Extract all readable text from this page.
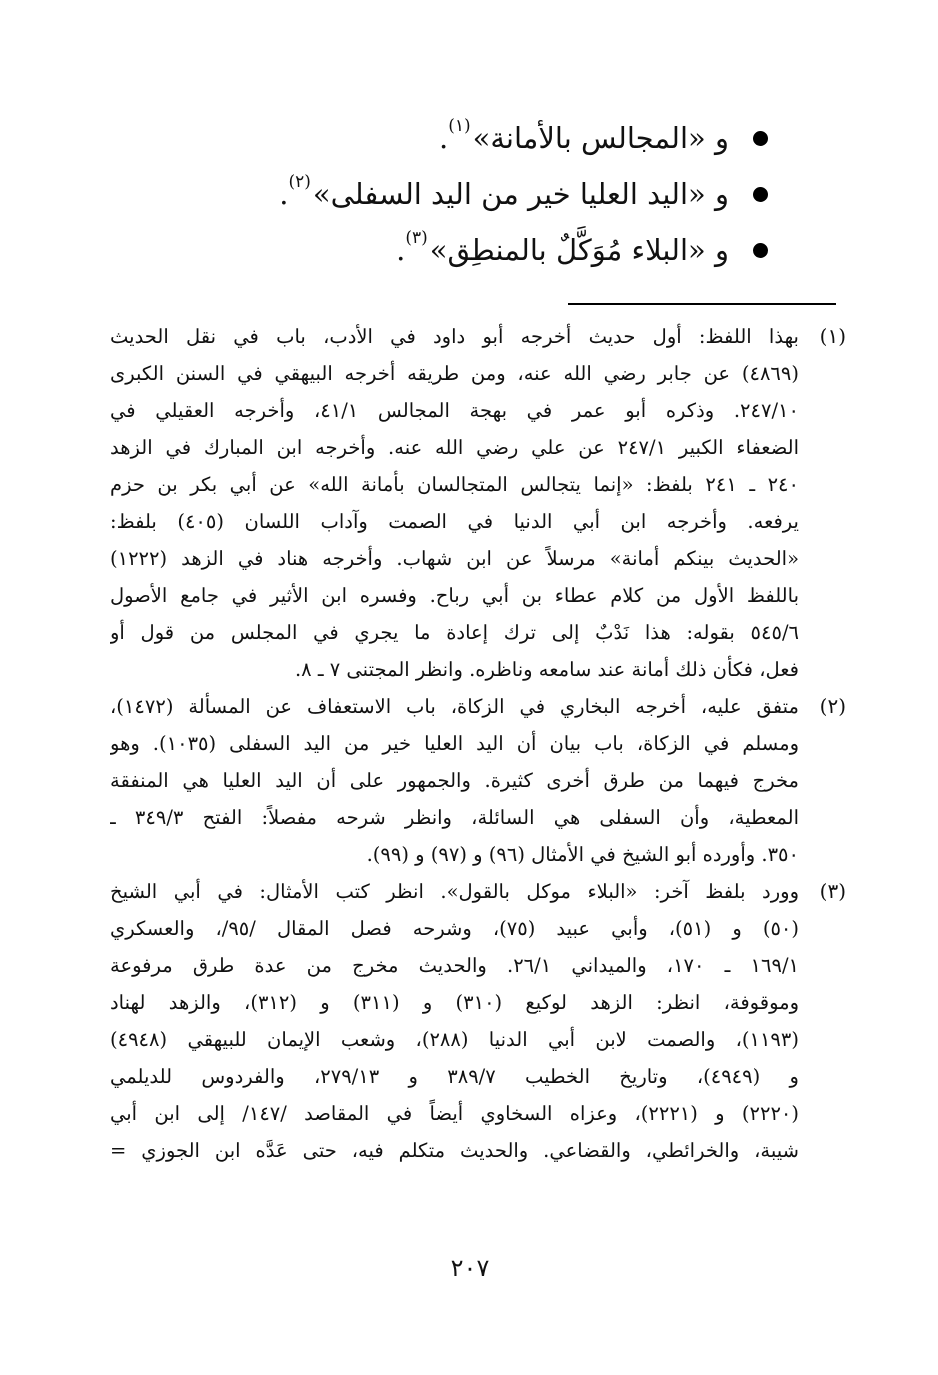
و «المجالس بالأمانة»
(١)
.
و «اليد العليا خير من اليد السفلى»
(٢)
.
و «البلاء مُوَكَّلٌ بالمنطِق»
(٣)
.
(١)
بهذا اللفظ: أول حديث أخرجه أبو داود في الأدب، باب في نقل الحديث
(٤٨٦٩) عن جابر رضي الله عنه، ومن طريقه أخرجه البيهقي في السنن الكبرى
٢٤٧/١٠. وذكره أبو عمر في بهجة المجالس ٤١/١، وأخرجه العقيلي في
الضعفاء الكبير ٢٤٧/١ عن علي رضي الله عنه. وأخرجه ابن المبارك في الزهد
٢٤٠ ـ ٢٤١ بلفظ: «إنما يتجالس المتجالسان بأمانة الله» عن أبي بكر بن حزم
يرفعه. وأخرجه ابن أبي الدنيا في الصمت وآداب اللسان (٤٠٥) بلفظ:
«الحديث بينكم أمانة» مرسلاً عن ابن شهاب. وأخرجه هناد في الزهد (١٢٢٢)
باللفظ الأول من كلام عطاء بن أبي رباح. وفسره ابن الأثير في جامع الأصول
٥٤٥/٦ بقوله: هذا نَدْبٌ إلى ترك إعادة ما يجري في المجلس من قول أو
فعل، فكأن ذلك أمانة عند سامعه وناظره. وانظر المجتنى ٧ ـ ٨.
(٢)
متفق عليه، أخرجه البخاري في الزكاة، باب الاستعفاف عن المسألة (١٤٧٢)،
ومسلم في الزكاة، باب بيان أن اليد العليا خير من اليد السفلى (١٠٣٥). وهو
مخرج فيهما من طرق أخرى كثيرة. والجمهور على أن اليد العليا هي المنفقة
المعطية، وأن السفلى هي السائلة، وانظر شرحه مفصلاً: الفتح ٣٤٩/٣ ـ
٣٥٠. وأورده أبو الشيخ في الأمثال (٩٦) و (٩٧) و (٩٩).
(٣)
وورد بلفظ آخر: «البلاء موكل بالقول». انظر كتب الأمثال: في أبي الشيخ
(٥٠) و (٥١)، وأبي عبيد (٧٥)، وشرحه فصل المقال /٩٥/، والعسكري
١٦٩/١ ـ ١٧٠، والميداني ٢٦/١. والحديث مخرج من عدة طرق مرفوعة
وموقوفة، انظر: الزهد لوكيع (٣١٠) و (٣١١) و (٣١٢)، والزهد لهناد
(١١٩٣)، والصمت لابن أبي الدنيا (٢٨٨)، وشعب الإيمان للبيهقي (٤٩٤٨)
و (٤٩٤٩)، وتاريخ الخطيب ٣٨٩/٧ و ٢٧٩/١٣، والفردوس للديلمي
(٢٢٢٠) و (٢٢٢١)، وعزاه السخاوي أيضاً في المقاصد /١٤٧/ إلى ابن أبي
شيبة، والخرائطي، والقضاعي. والحديث متكلم فيه، حتى عَدَّه ابن الجوزي =
٢٠٧
